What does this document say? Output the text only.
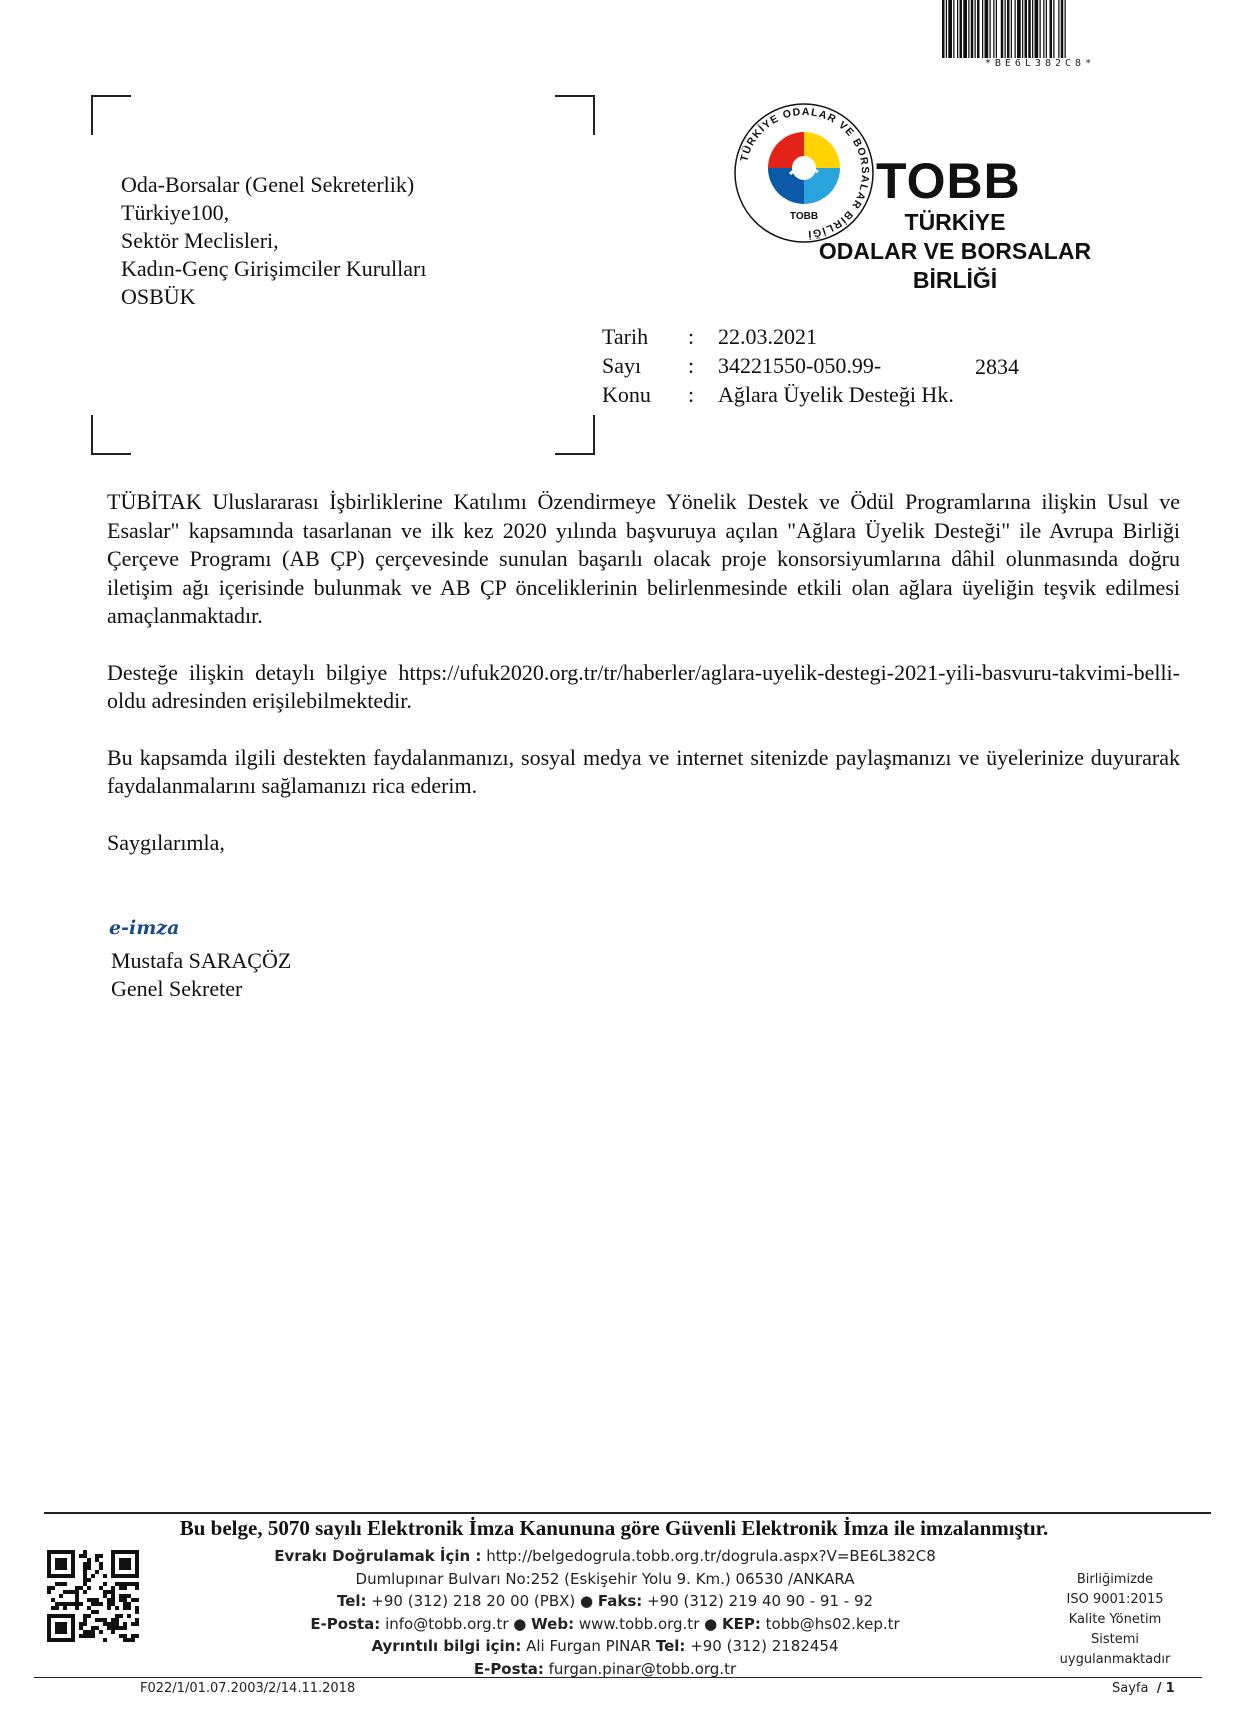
*BE6L382C8*
Oda-Borsalar (Genel Sekreterlik)
Türkiye100,
Sektör Meclisleri,
Kadın-Genç Girişimciler Kurulları
OSBÜK
TÜRKİYE ODALAR VE BORSALAR BİRLİĞİ
TOBB
TOBB
TÜRKİYE
ODALAR VE BORSALAR
BİRLİĞİ
Tarih : 22.03.2021
Sayı : 34221550-050.99-
Konu : Ağlara Üyelik Desteği Hk.
2834

TÜBİTAK Uluslararası İşbirliklerine Katılımı Özendirmeye Yönelik Destek ve Ödül Programlarına ilişkin Usul ve Esaslar" kapsamında tasarlanan ve ilk kez 2020 yılında başvuruya açılan "Ağlara Üyelik Desteği" ile Avrupa Birliği Çerçeve Programı (AB ÇP) çerçevesinde sunulan başarılı olacak proje konsorsiyumlarına dâhil olunmasında doğru iletişim ağı içerisinde bulunmak ve AB ÇP önceliklerinin belirlenmesinde etkili olan ağlara üyeliğin teşvik edilmesi amaçlanmaktadır.

Desteğe ilişkin detaylı bilgiye https://ufuk2020.org.tr/tr/haberler/aglara-uyelik-destegi-2021-yili-basvuru-takvimi-belli-oldu adresinden erişilebilmektedir.

Bu kapsamda ilgili destekten faydalanmanızı, sosyal medya ve internet sitenizde paylaşmanızı ve üyelerinize duyurarak faydalanmalarını sağlamanızı rica ederim.

Saygılarımla,
e-imza
Mustafa SARAÇÖZ
Genel Sekreter
Bu belge, 5070 sayılı Elektronik İmza Kanununa göre Güvenli Elektronik İmza ile imzalanmıştır.
Evrakı Doğrulamak İçin : http://belgedogrula.tobb.org.tr/dogrula.aspx?V=BE6L382C8
Dumlupınar Bulvarı No:252 (Eskişehir Yolu 9. Km.) 06530 /ANKARA
Tel: +90 (312) 218 20 00 (PBX) ● Faks: +90 (312) 219 40 90 - 91 - 92
E-Posta: info@tobb.org.tr ● Web: www.tobb.org.tr ● KEP: tobb@hs02.kep.tr
Ayrıntılı bilgi için: Ali Furgan PINAR Tel: +90 (312) 2182454
E-Posta: furgan.pinar@tobb.org.tr
Birliğimizde
ISO 9001:2015
Kalite Yönetim
Sistemi
uygulanmaktadır
F022/1/01.07.2003/2/14.11.2018	Sayfa / 1
